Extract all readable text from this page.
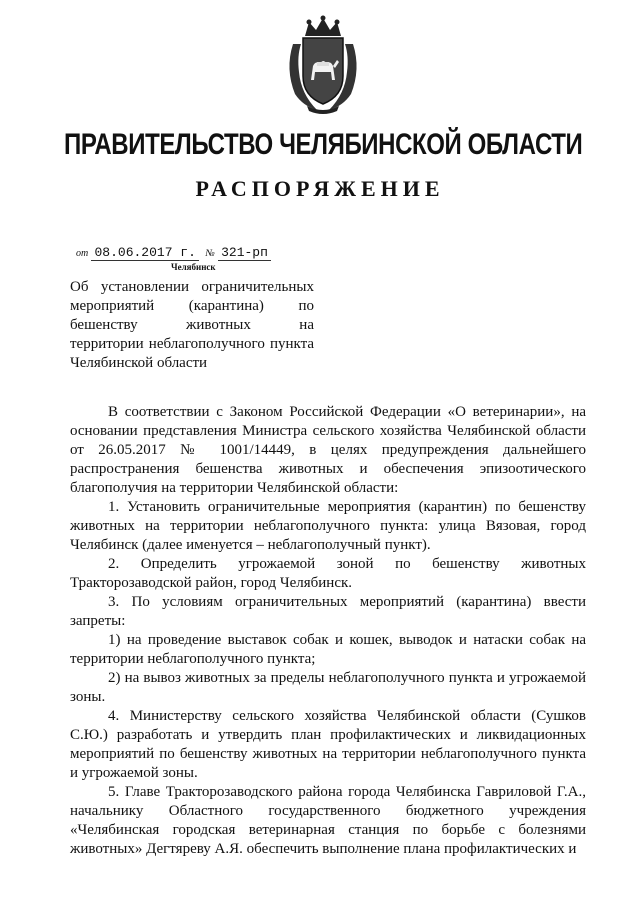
ПРАВИТЕЛЬСТВО ЧЕЛЯБИНСКОЙ ОБЛАСТИ
РАСПОРЯЖЕНИЕ
от 08.06.2017 г. № 321-рп
Челябинск
Об установлении ограничительных
мероприятий (карантина) по
бешенству животных на
территории неблагополучного пункта
Челябинской области

В соответствии с Законом Российской Федерации «О ветеринарии», на основании представления Министра сельского хозяйства Челябинской области от 26.05.2017 № 1001/14449, в целях предупреждения дальнейшего распространения бешенства животных и обеспечения эпизоотического благополучия на территории Челябинской области:

1. Установить ограничительные мероприятия (карантин) по бешенству животных на территории неблагополучного пункта: улица Вязовая, город Челябинск (далее именуется – неблагополучный пункт).

2. Определить угрожаемой зоной по бешенству животных Тракторозаводской район, город Челябинск.

3. По условиям ограничительных мероприятий (карантина) ввести запреты:

1) на проведение выставок собак и кошек, выводок и натаски собак на территории неблагополучного пункта;

2) на вывоз животных за пределы неблагополучного пункта и угрожаемой зоны.

4. Министерству сельского хозяйства Челябинской области (Сушков С.Ю.) разработать и утвердить план профилактических и ликвидационных мероприятий по бешенству животных на территории неблагополучного пункта и угрожаемой зоны.

5. Главе Тракторозаводского района города Челябинска Гавриловой Г.А., начальнику Областного государственного бюджетного учреждения «Челябинская городская ветеринарная станция по борьбе с болезнями животных» Дегтяреву А.Я. обеспечить выполнение плана профилактических и
